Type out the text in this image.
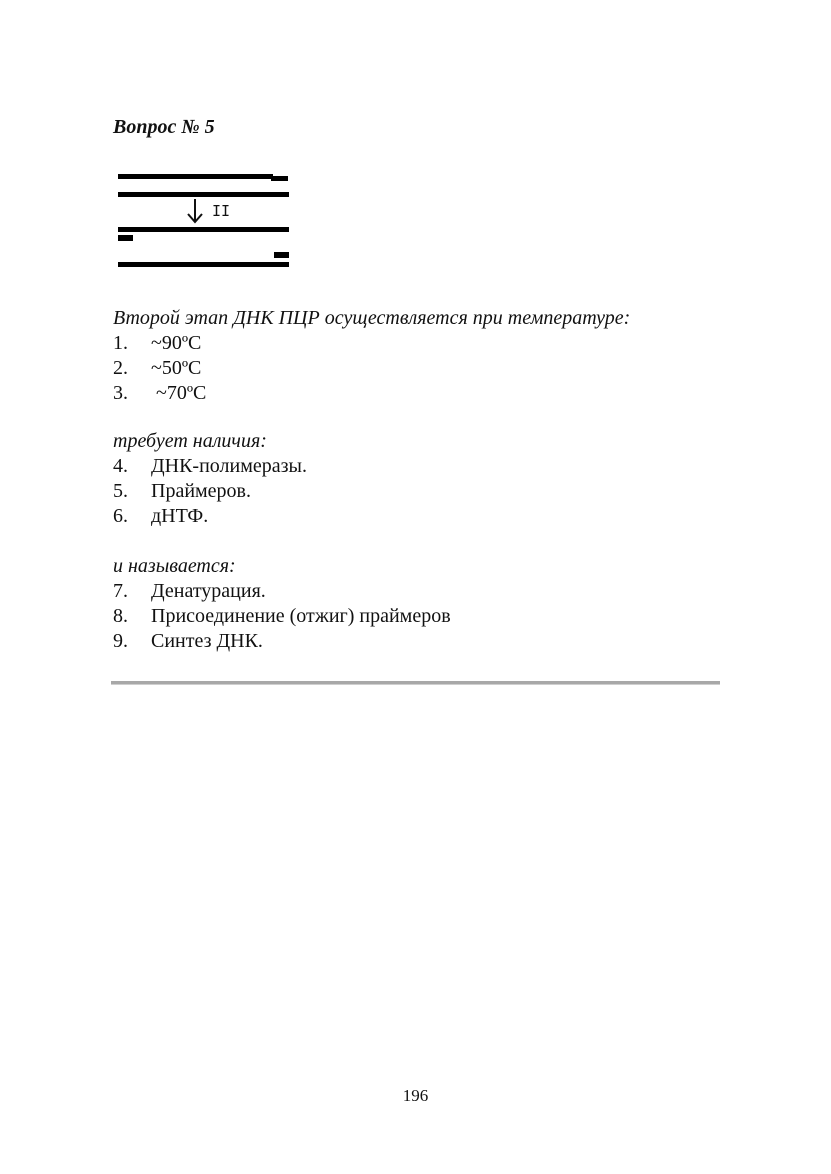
Вопрос № 5
II

Второй этап ДНК ПЦР осуществляется при температуре:

1. ~90ºC
2. ~50ºC
3. ~70ºC

требует наличия:

4. ДНК-полимеразы.
5. Праймеров.
6. дНТФ.

и называется:

7. Денатурация.
8. Присоединение (отжиг) праймеров
9. Синтез ДНК.
196
